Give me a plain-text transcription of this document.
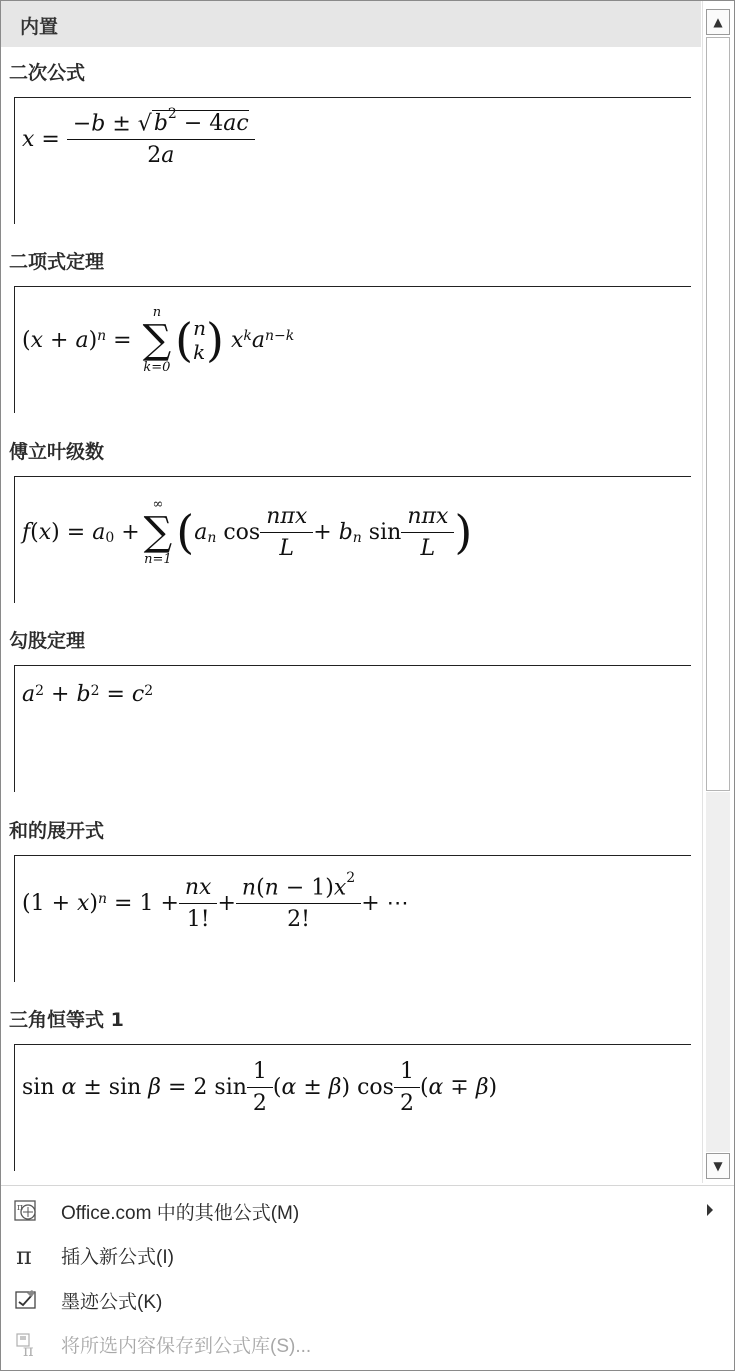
内置
二次公式
$x = \frac{-b \pm √b^2 - 4ac}{2a}$
二项式定理
( x + a ) n =
n
∑
k=0
( n
k )
x k a n−k
傅立叶级数
f ( x ) = a 0 +
∞
∑
n=1
( a n $\cos \frac{\text{nπx}}{L} + b$ n $\sin \frac{\text{nπx}}{L}$ )
勾股定理
a 2 + b 2 = c 2
和的展开式
(1 + x ) $n = 1 + \frac{nx}{1!} + \frac{n(n - 1)x^2}{2!}$ + ⋯
三角恒等式 1
sin α ± sin β = 2 $\sin \frac{1}{2}$ ( α ± β ) $\cos \frac{1}{2}$ ( α ∓ β )
▲
▼
π Office.com 中的其他公式(M)
π 插入新公式(I)
墨迹公式(K)
π 将所选内容保存到公式库(S)...
